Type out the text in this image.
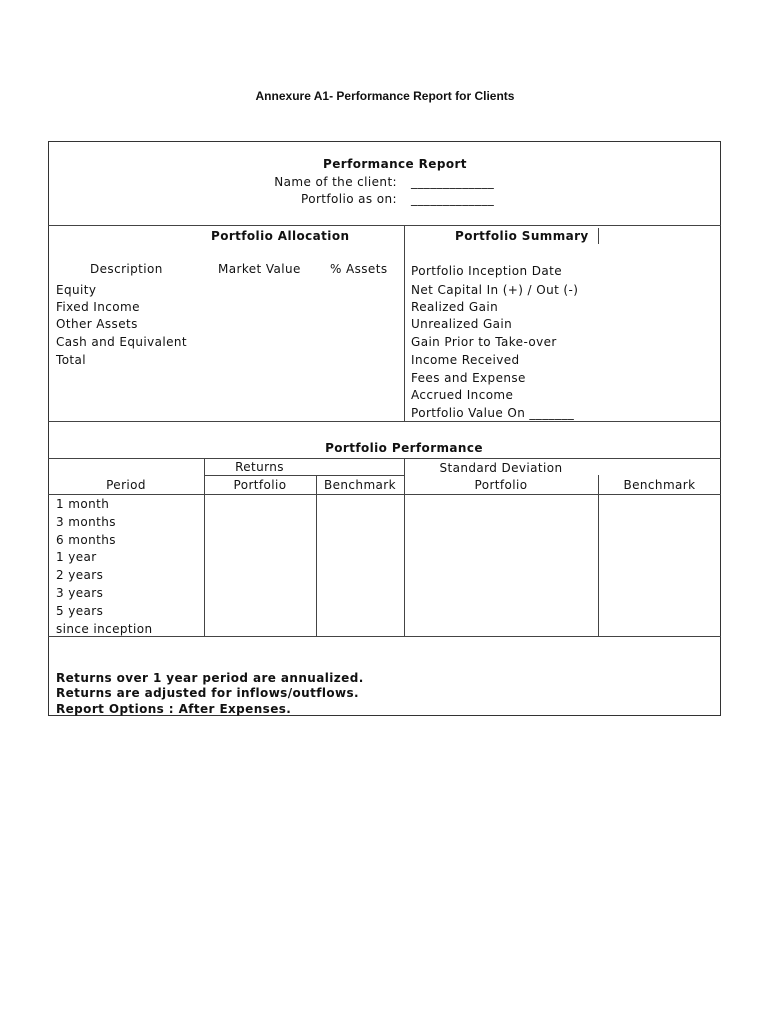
Annexure A1- Performance Report for Clients
Performance Report
Name of the client: _____________
Portfolio as on: _____________
Portfolio Allocation
Description	Market Value % Assets
Equity
Fixed Income
Other Assets
Cash and Equivalent
Total
Portfolio Summary
Portfolio Inception Date
Net Capital In (+) / Out (-)
Realized Gain
Unrealized Gain
Gain Prior to Take-over
Income Received
Fees and Expense
Accrued Income
Portfolio Value On _______
Portfolio Performance
Returns	Standard Deviation
Period	Portfolio	Benchmark	Portfolio	Benchmark
1 month
3 months
6 months
1 year
2 years
3 years
5 years
since inception
Returns over 1 year period are annualized.
Returns are adjusted for inflows/outflows.
Report Options : After Expenses.
